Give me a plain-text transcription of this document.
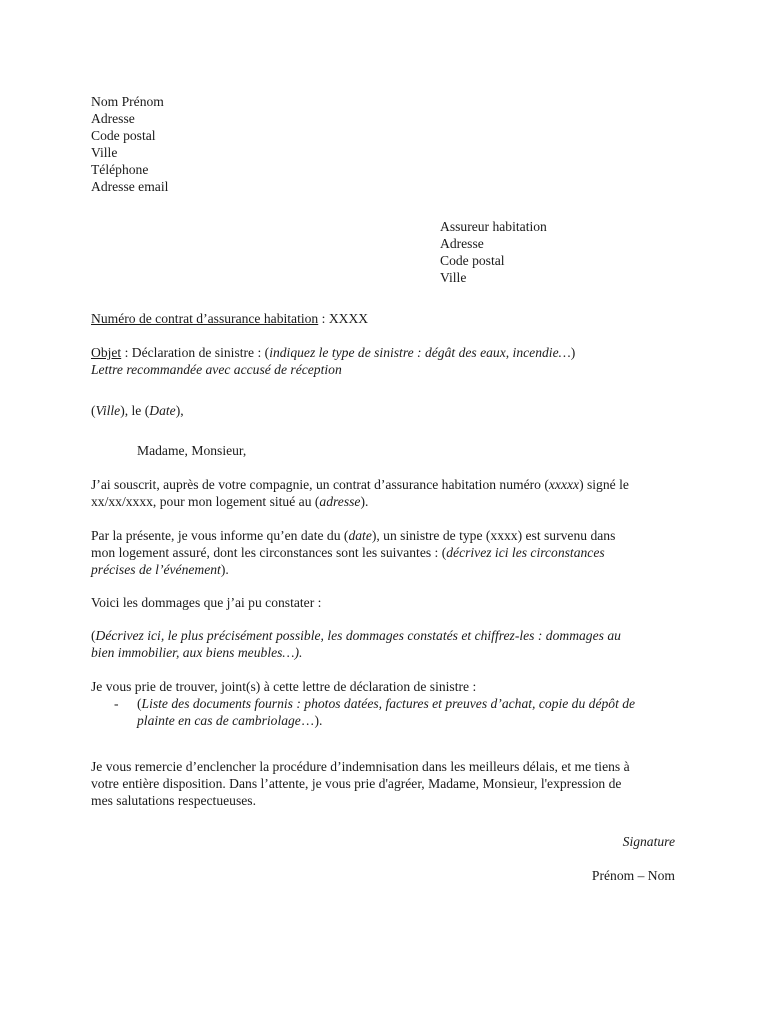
Nom Prénom
Adresse
Code postal
Ville
Téléphone
Adresse email
Assureur habitation
Adresse
Code postal
Ville
Numéro de contrat d’assurance habitation : XXXX
Objet : Déclaration de sinistre : (indiquez le type de sinistre : dégât des eaux, incendie…)
Lettre recommandée avec accusé de réception
(Ville), le (Date),
Madame, Monsieur,
J’ai souscrit, auprès de votre compagnie, un contrat d’assurance habitation numéro (xxxxx) signé le
xx/xx/xxxx, pour mon logement situé au (adresse).
Par la présente, je vous informe qu’en date du (date), un sinistre de type (xxxx) est survenu dans
mon logement assuré, dont les circonstances sont les suivantes : (décrivez ici les circonstances
précises de l’événement).
Voici les dommages que j’ai pu constater :
(Décrivez ici, le plus précisément possible, les dommages constatés et chiffrez-les : dommages au
bien immobilier, aux biens meubles…).
Je vous prie de trouver, joint(s) à cette lettre de déclaration de sinistre :
- (Liste des documents fournis : photos datées, factures et preuves d’achat, copie du dépôt de
plainte en cas de cambriolage…).
Je vous remercie d’enclencher la procédure d’indemnisation dans les meilleurs délais, et me tiens à
votre entière disposition. Dans l’attente, je vous prie d'agréer, Madame, Monsieur, l'expression de
mes salutations respectueuses.
Signature
Prénom – Nom
